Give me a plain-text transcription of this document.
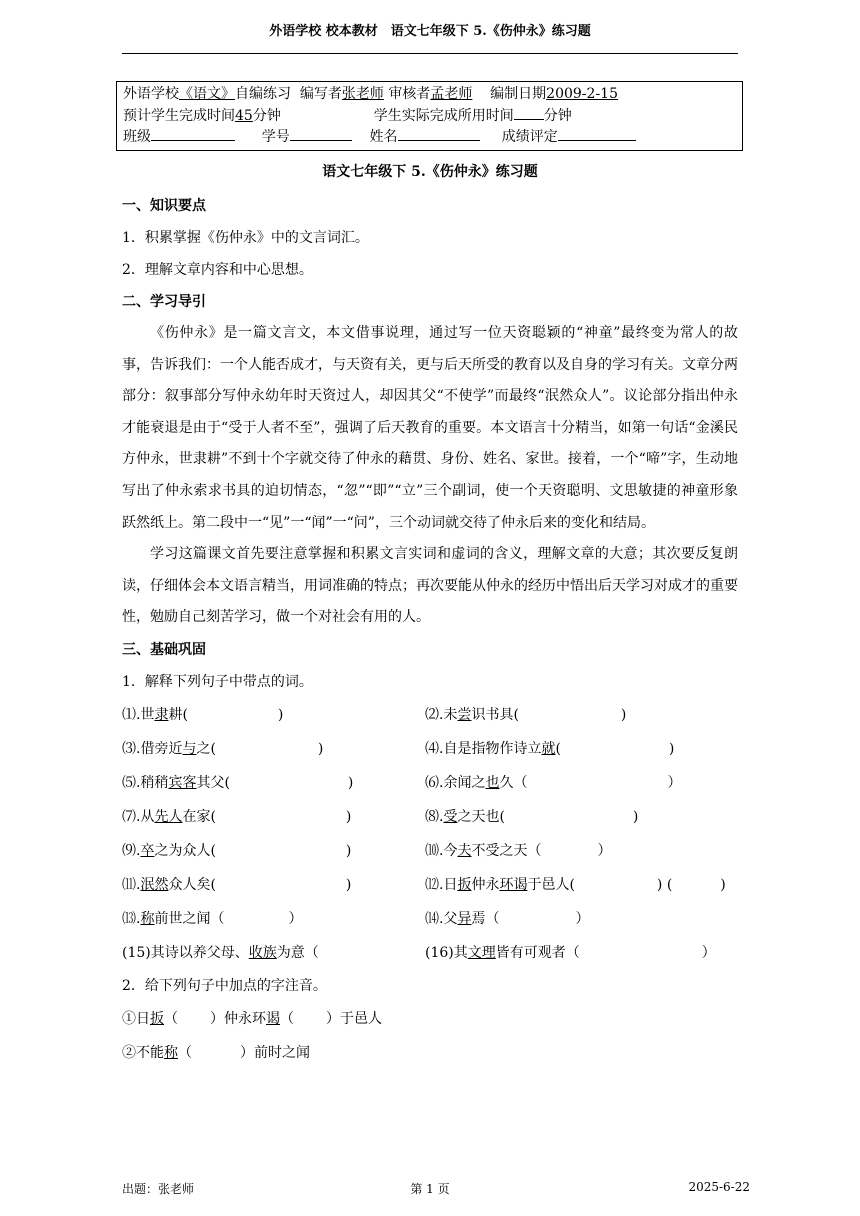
外语学校 校本教材　语文七年级下 5.《伤仲永》练习题
外语学校《语文》自编练习 编写者张老师 审核者孟老师 编制日期2009-2-15
预计学生完成时间45分钟	学生实际完成所用时间 分钟
班级	学号	姓名	成绩评定
语文七年级下 5.《伤仲永》练习题
一、知识要点
1．积累掌握《伤仲永》中的文言词汇。
2．理解文章内容和中心思想。
二、学习导引

《伤仲永》是一篇文言文，本文借事说理，通过写一位天资聪颖的“神童”最终变为常人的故事，告诉我们：一个人能否成才，与天资有关，更与后天所受的教育以及自身的学习有关。文章分两部分：叙事部分写仲永幼年时天资过人，却因其父“不使学”而最终“泯然众人”。议论部分指出仲永才能衰退是由于“受于人者不至”，强调了后天教育的重要。本文语言十分精当，如第一句话“金溪民方仲永，世隶耕”不到十个字就交待了仲永的藉贯、身份、姓名、家世。接着，一个“啼”字，生动地写出了仲永索求书具的迫切情态，“忽”“即”“立”三个副词，使一个天资聪明、文思敏捷的神童形象跃然纸上。第二段中一“见”一“闻”一“问”，三个动词就交待了仲永后来的变化和结局。

学习这篇课文首先要注意掌握和积累文言实词和虚词的含义，理解文章的大意；其次要反复朗读，仔细体会本文语言精当，用词准确的特点；再次要能从仲永的经历中悟出后天学习对成才的重要性，勉励自己刻苦学习，做一个对社会有用的人。

三、基础巩固
1．解释下列句子中带点的词。
⑴.世隶耕(	)	⑵.未尝识书具(	)
⑶.借旁近与之(	)	⑷.自是指物作诗立就(	)
⑸.稍稍宾客其父(	)	⑹.余闻之也久（	）
⑺.从先人在家(	)	⑻.受之天也(	)
⑼.卒之为众人(	)	⑽.今夫不受之天（	）
⑾.泯然众人矣(	)	⑿.日扳仲永环谒于邑人(	) (	)
⒀.称前世之闻（	）	⒁.父异焉（	）
(15)其诗以养父母、收族为意（	(16)其文理皆有可观者（	）
2．给下列句子中加点的字注音。
①日扳（ ）仲永环谒（ ）于邑人
②不能称（	）前时之闻
出题：张老师	第 1 页	2025-6-22
